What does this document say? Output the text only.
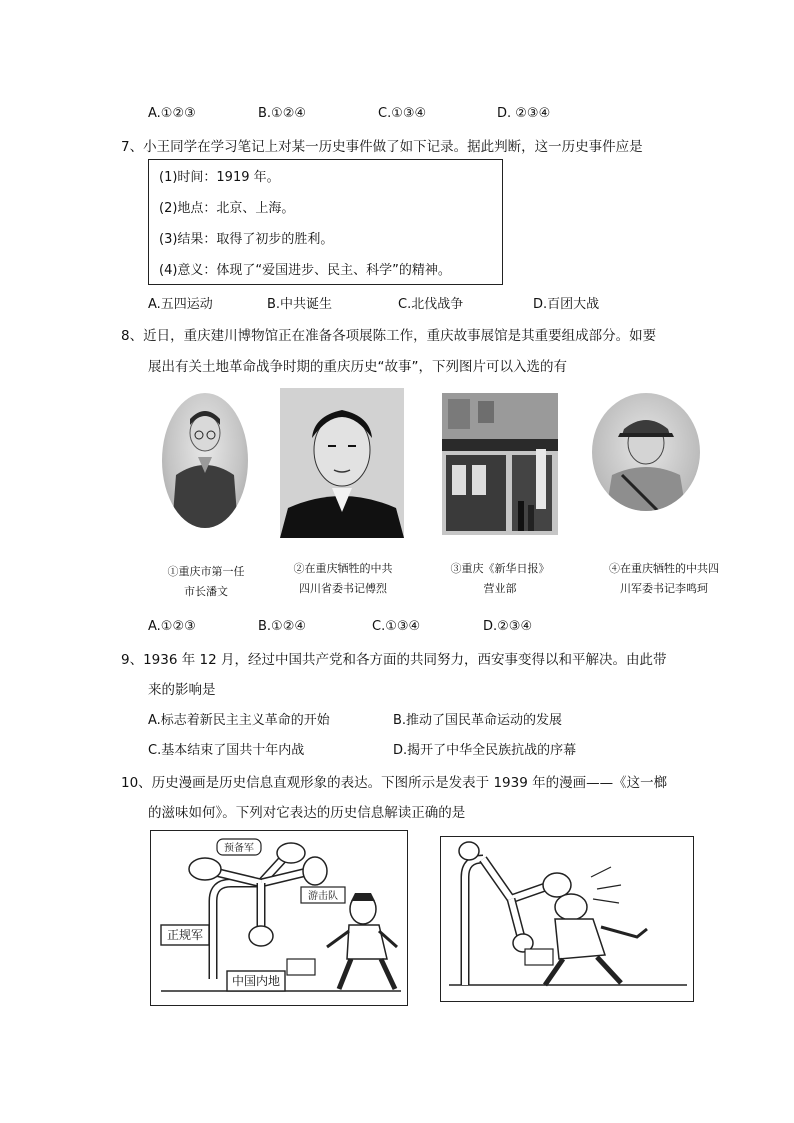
A.①②③	B.①②④	C.①③④	D. ②③④
7、小王同学在学习笔记上对某一历史事件做了如下记录。据此判断，这一历史事件应是
(1)时间：1919 年。
(2)地点：北京、上海。
(3)结果：取得了初步的胜利。
(4)意义：体现了“爱国进步、民主、科学”的精神。
A.五四运动	B.中共诞生	C.北伐战争	D.百团大战
8、近日，重庆建川博物馆正在准备各项展陈工作，重庆故事展馆是其重要组成部分。如要
展出有关土地革命战争时期的重庆历史“故事”，下列图片可以入选的有
①重庆市第一任
市长潘文
②在重庆牺牲的中共
四川省委书记傅烈
③重庆《新华日报》
营业部
④在重庆牺牲的中共四
川军委书记李鸣珂
A.①②③	B.①②④	C.①③④	D.②③④
9、1936 年 12 月，经过中国共产党和各方面的共同努力，西安事变得以和平解决。由此带
来的影响是
A.标志着新民主主义革命的开始	B.推动了国民革命运动的发展
C.基本结束了国共十年内战	D.揭开了中华全民族抗战的序幕
10、历史漫画是历史信息直观形象的表达。下图所示是发表于 1939 年的漫画——《这一榔
的滋味如何》。下列对它表达的历史信息解读正确的是
预备军
游击队
正规军
中国内地
